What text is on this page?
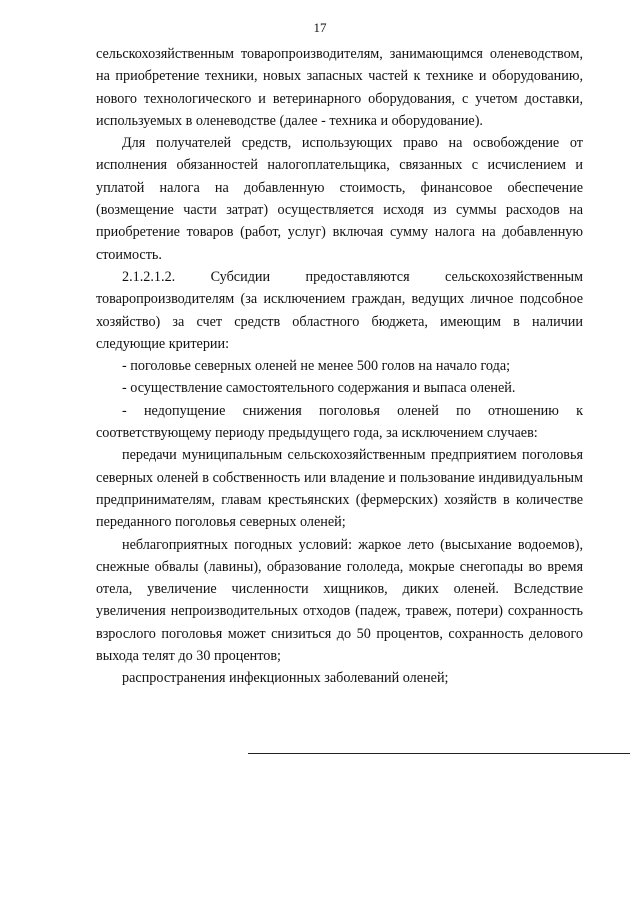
17

сельскохозяйственным товаропроизводителям, занимающимся оленеводством, на приобретение техники, новых запасных частей к технике и оборудованию, нового технологического и ветеринарного оборудования, с учетом доставки, используемых в оленеводстве (далее - техника и оборудование).

Для получателей средств, использующих право на освобождение от исполнения обязанностей налогоплательщика, связанных с исчислением и уплатой налога на добавленную стоимость, финансовое обеспечение (возмещение части затрат) осуществляется исходя из суммы расходов на приобретение товаров (работ, услуг) включая сумму налога на добавленную стоимость.

2.1.2.1.2. Субсидии предоставляются сельскохозяйственным товаропроизводителям (за исключением граждан, ведущих личное подсобное хозяйство) за счет средств областного бюджета, имеющим в наличии следующие критерии:

- поголовье северных оленей не менее 500 голов на начало года;

- осуществление самостоятельного содержания и выпаса оленей.

- недопущение снижения поголовья оленей по отношению к соответствующему периоду предыдущего года, за исключением случаев:

передачи муниципальным сельскохозяйственным предприятием поголовья северных оленей в собственность или владение и пользование индивидуальным предпринимателям, главам крестьянских (фермерских) хозяйств в количестве переданного поголовья северных оленей;

неблагоприятных погодных условий: жаркое лето (высыхание водоемов), снежные обвалы (лавины), образование гололеда, мокрые снегопады во время отела, увеличение численности хищников, диких оленей. Вследствие увеличения непроизводительных отходов (падеж, травеж, потери) сохранность взрослого поголовья может снизиться до 50 процентов, сохранность делового выхода телят до 30 процентов;

распространения инфекционных заболеваний оленей;
